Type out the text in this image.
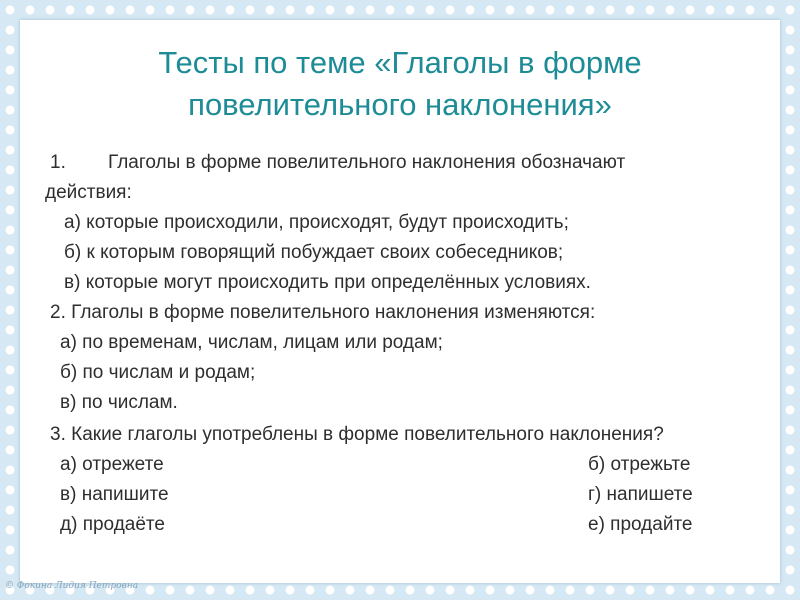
Тесты по теме «Глаголы в форме
повелительного наклонения»
1. Глаголы в форме повелительного наклонения обозначают
действия:
а) которые происходили, происходят, будут происходить;
б) к которым говорящий побуждает своих собеседников;
в) которые могут происходить при определённых условиях.
2. Глаголы в форме повелительного наклонения изменяются:
а) по временам, числам, лицам или родам;
б) по числам и родам;
в) по числам.
3. Какие глаголы употреблены в форме повелительного наклонения?
а) отрежете	б) отрежьте
в) напишите	г) напишете
д) продаёте	е) продайте
© Фокина Лидия Петровна
